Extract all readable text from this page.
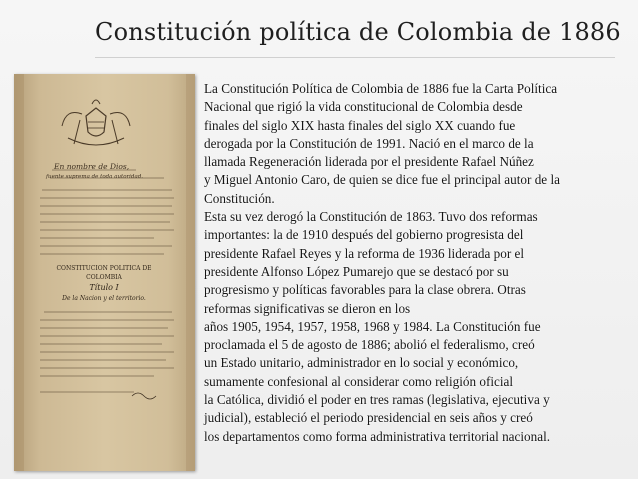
Constitución política de Colombia de 1886
En nombre de Dios,
fuente suprema de toda autoridad.
CONSTITUCION POLITICA DE
COLOMBIA
Título I
De la Nacion y el territorio.
La Constitución Política de Colombia de 1886 fue la Carta Política
Nacional que rigió la vida constitucional de Colombia desde
finales del siglo XIX hasta finales del siglo XX cuando fue
derogada por la Constitución de 1991. Nació en el marco de la
llamada Regeneración liderada por el presidente Rafael Núñez
y Miguel Antonio Caro, de quien se dice fue el principal autor de la
Constitución.
Esta su vez derogó la Constitución de 1863. Tuvo dos reformas
importantes: la de 1910 después del gobierno progresista del
presidente Rafael Reyes y la reforma de 1936 liderada por el
presidente Alfonso López Pumarejo que se destacó por su
progresismo y políticas favorables para la clase obrera. Otras
reformas significativas se dieron en los
años 1905, 1954, 1957, 1958, 1968 y 1984. La Constitución fue
proclamada el 5 de agosto de 1886; abolió el federalismo, creó
un Estado unitario, administrador en lo social y económico,
sumamente confesional al considerar como religión oficial
la Católica, dividió el poder en tres ramas (legislativa, ejecutiva y
judicial), estableció el periodo presidencial en seis años y creó
los departamentos como forma administrativa territorial nacional.
